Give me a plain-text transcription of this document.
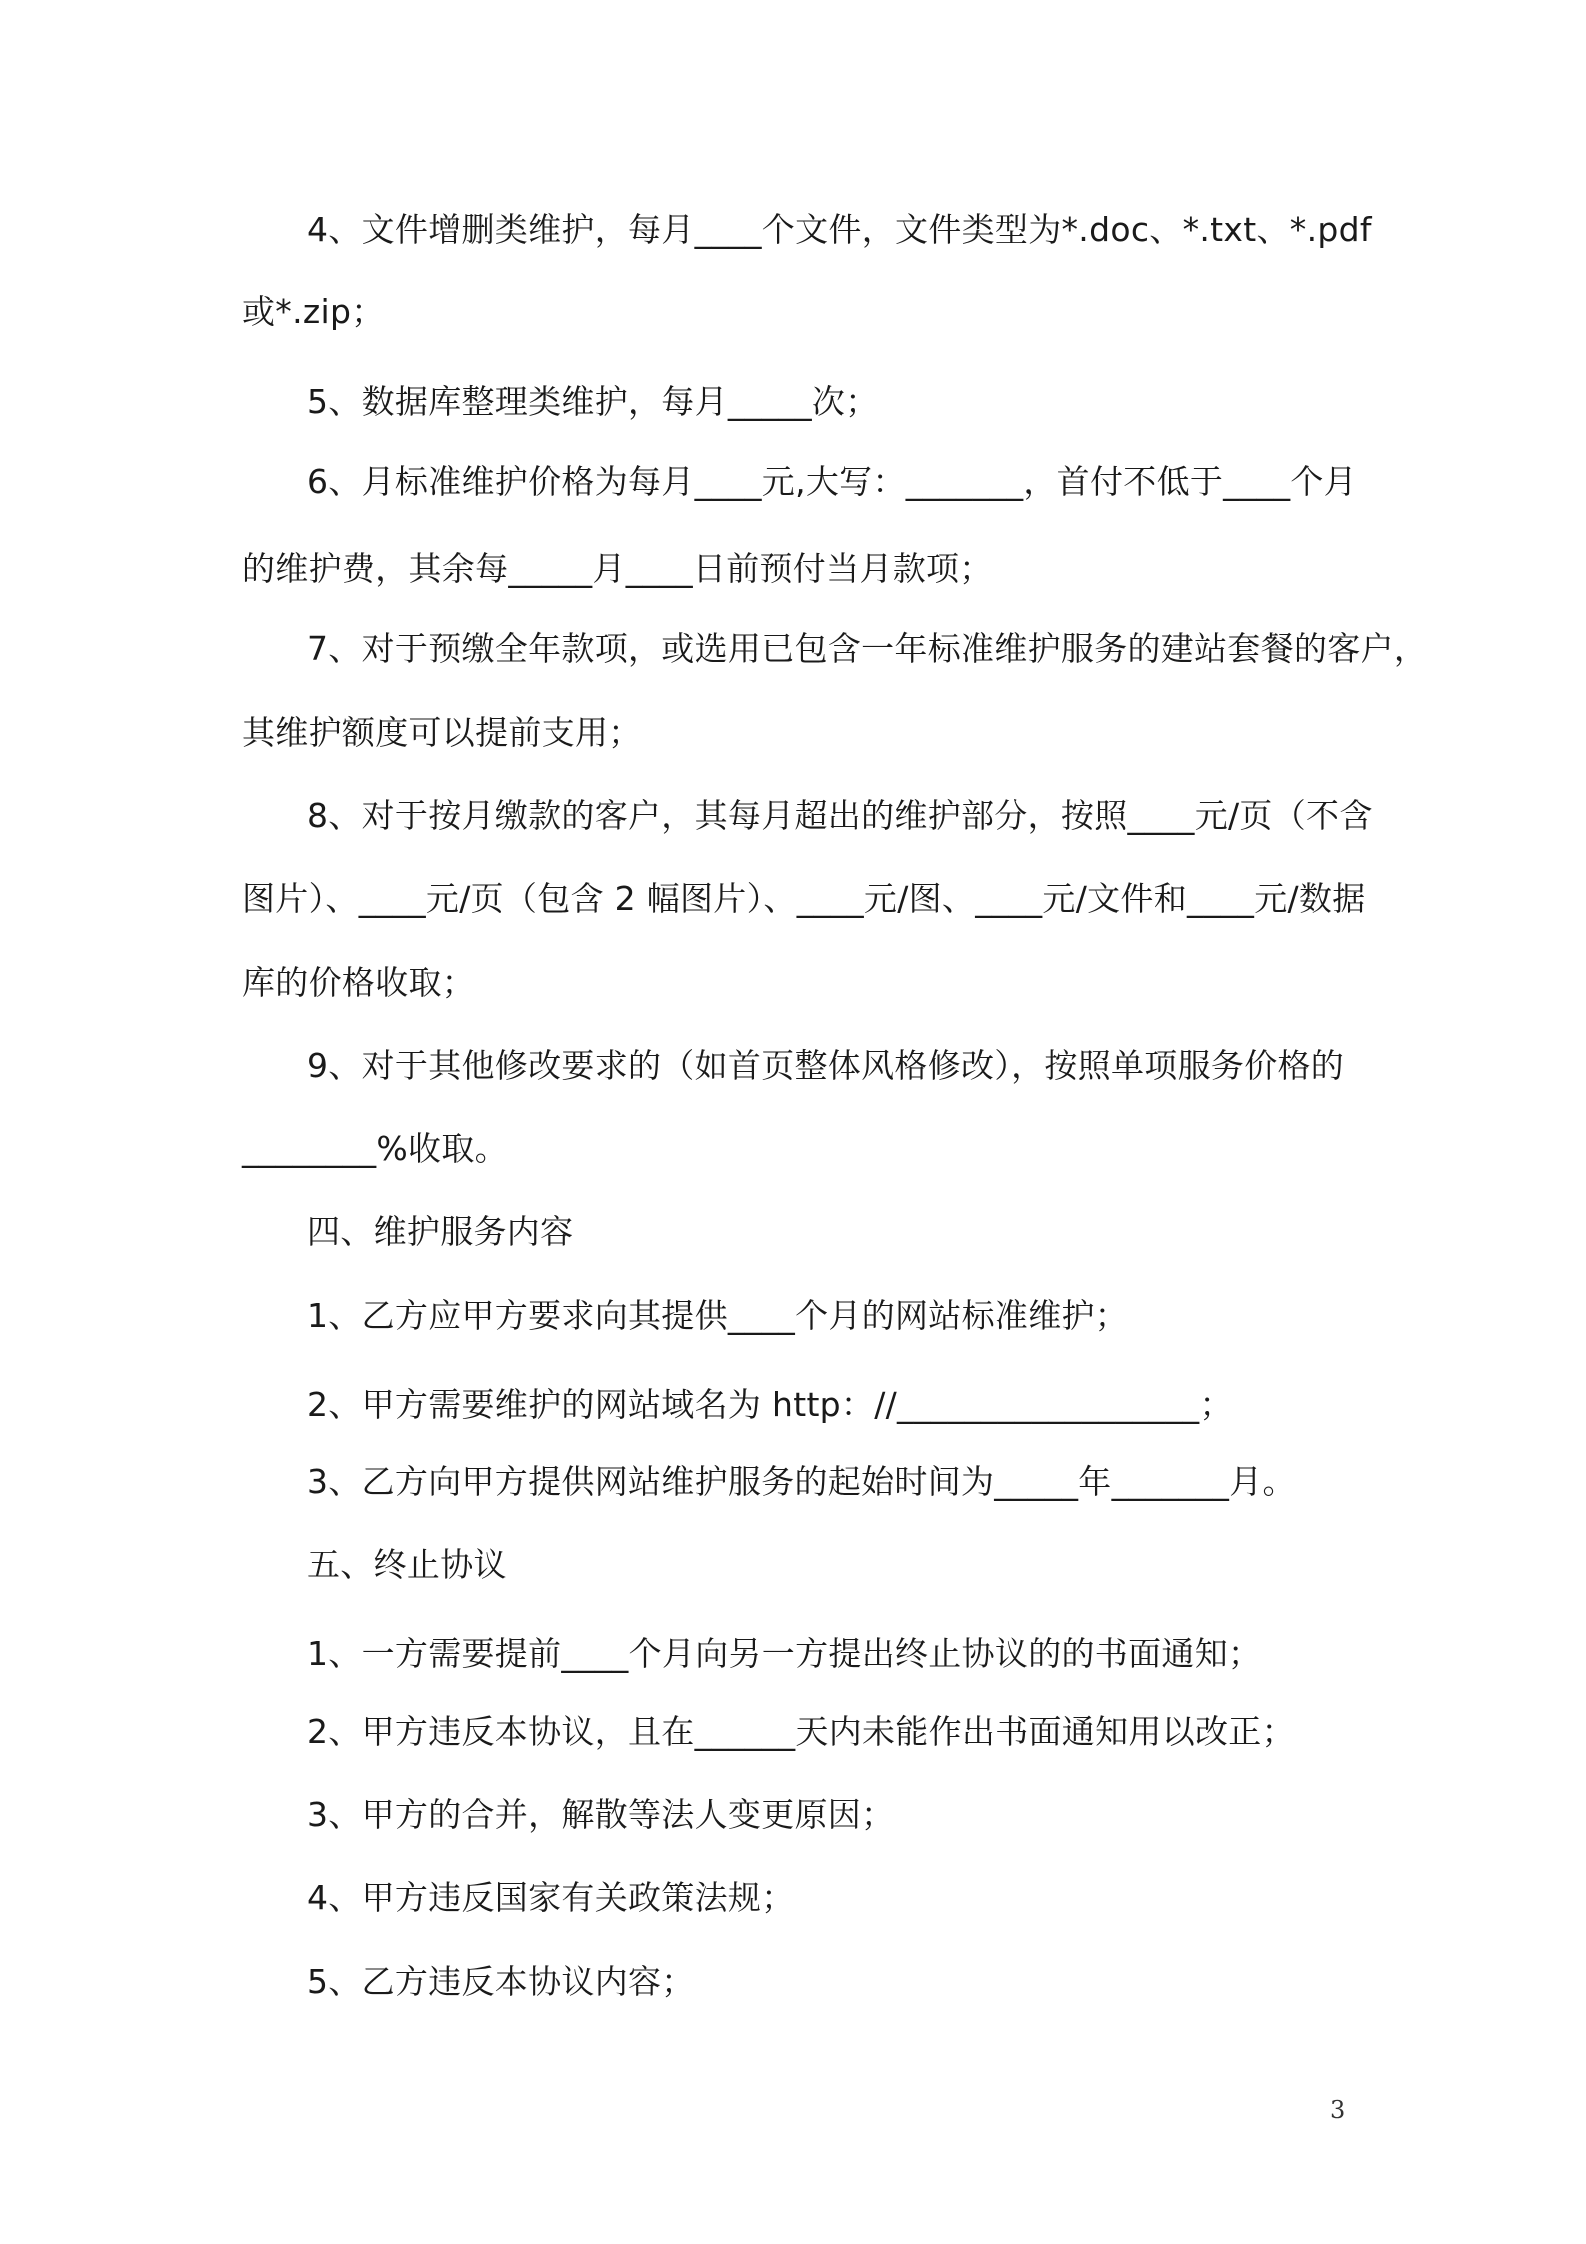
4、文件增删类维护，每月____个文件，文件类型为*.doc、*.txt、*.pdf
或*.zip；
5、数据库整理类维护，每月_____次；
6、月标准维护价格为每月____元,大写：_______，首付不低于____个月
的维护费，其余每_____月____日前预付当月款项；
7、对于预缴全年款项，或选用已包含一年标准维护服务的建站套餐的客户，
其维护额度可以提前支用；
8、对于按月缴款的客户，其每月超出的维护部分，按照____元/页（不含
图片）、____元/页（包含 2 幅图片）、____元/图、____元/文件和____元/数据
库的价格收取；
9、对于其他修改要求的（如首页整体风格修改），按照单项服务价格的
________%收取。
四、维护服务内容
1、乙方应甲方要求向其提供____个月的网站标准维护；
2、甲方需要维护的网站域名为 http：//__________________；
3、乙方向甲方提供网站维护服务的起始时间为_____年_______月。
五、终止协议
1、一方需要提前____个月向另一方提出终止协议的的书面通知；
2、甲方违反本协议，且在______天内未能作出书面通知用以改正；
3、甲方的合并，解散等法人变更原因；
4、甲方违反国家有关政策法规；
5、乙方违反本协议内容；
3
